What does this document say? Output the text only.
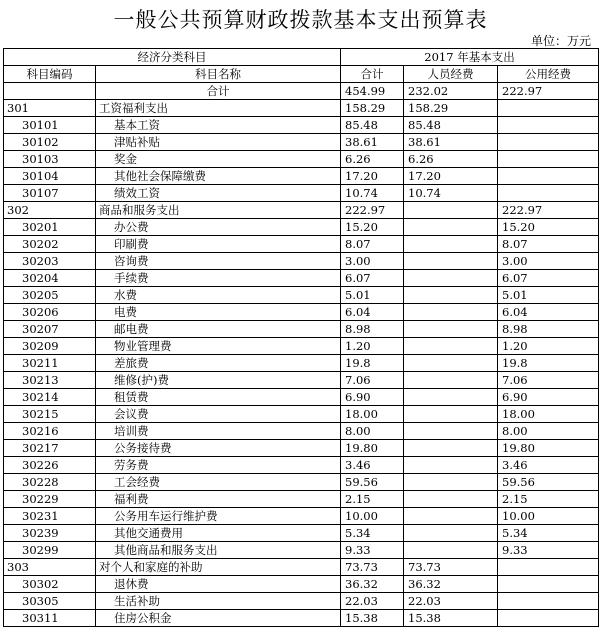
一般公共预算财政拨款基本支出预算表
单位：万元
经济分类科目		2017 年基本支出		
科目编码	科目名称	合计	人员经费	公用经费
	合计	454.99	232.02	222.97
301	工资福利支出	158.29	158.29	
30101	基本工资	85.48	85.48	
30102	津贴补贴	38.61	38.61	
30103	奖金	6.26	6.26	
30104	其他社会保障缴费	17.20	17.20	
30107	绩效工资	10.74	10.74	
302	商品和服务支出	222.97		222.97
30201	办公费	15.20		15.20
30202	印刷费	8.07		8.07
30203	咨询费	3.00		3.00
30204	手续费	6.07		6.07
30205	水费	5.01		5.01
30206	电费	6.04		6.04
30207	邮电费	8.98		8.98
30209	物业管理费	1.20		1.20
30211	差旅费	19.8		19.8
30213	维修(护)费	7.06		7.06
30214	租赁费	6.90		6.90
30215	会议费	18.00		18.00
30216	培训费	8.00		8.00
30217	公务接待费	19.80		19.80
30226	劳务费	3.46		3.46
30228	工会经费	59.56		59.56
30229	福利费	2.15		2.15
30231	公务用车运行维护费	10.00		10.00
30239	其他交通费用	5.34		5.34
30299	其他商品和服务支出	9.33		9.33
303	对个人和家庭的补助	73.73	73.73	
30302	退休费	36.32	36.32	
30305	生活补助	22.03	22.03	
30311	住房公积金	15.38	15.38	
